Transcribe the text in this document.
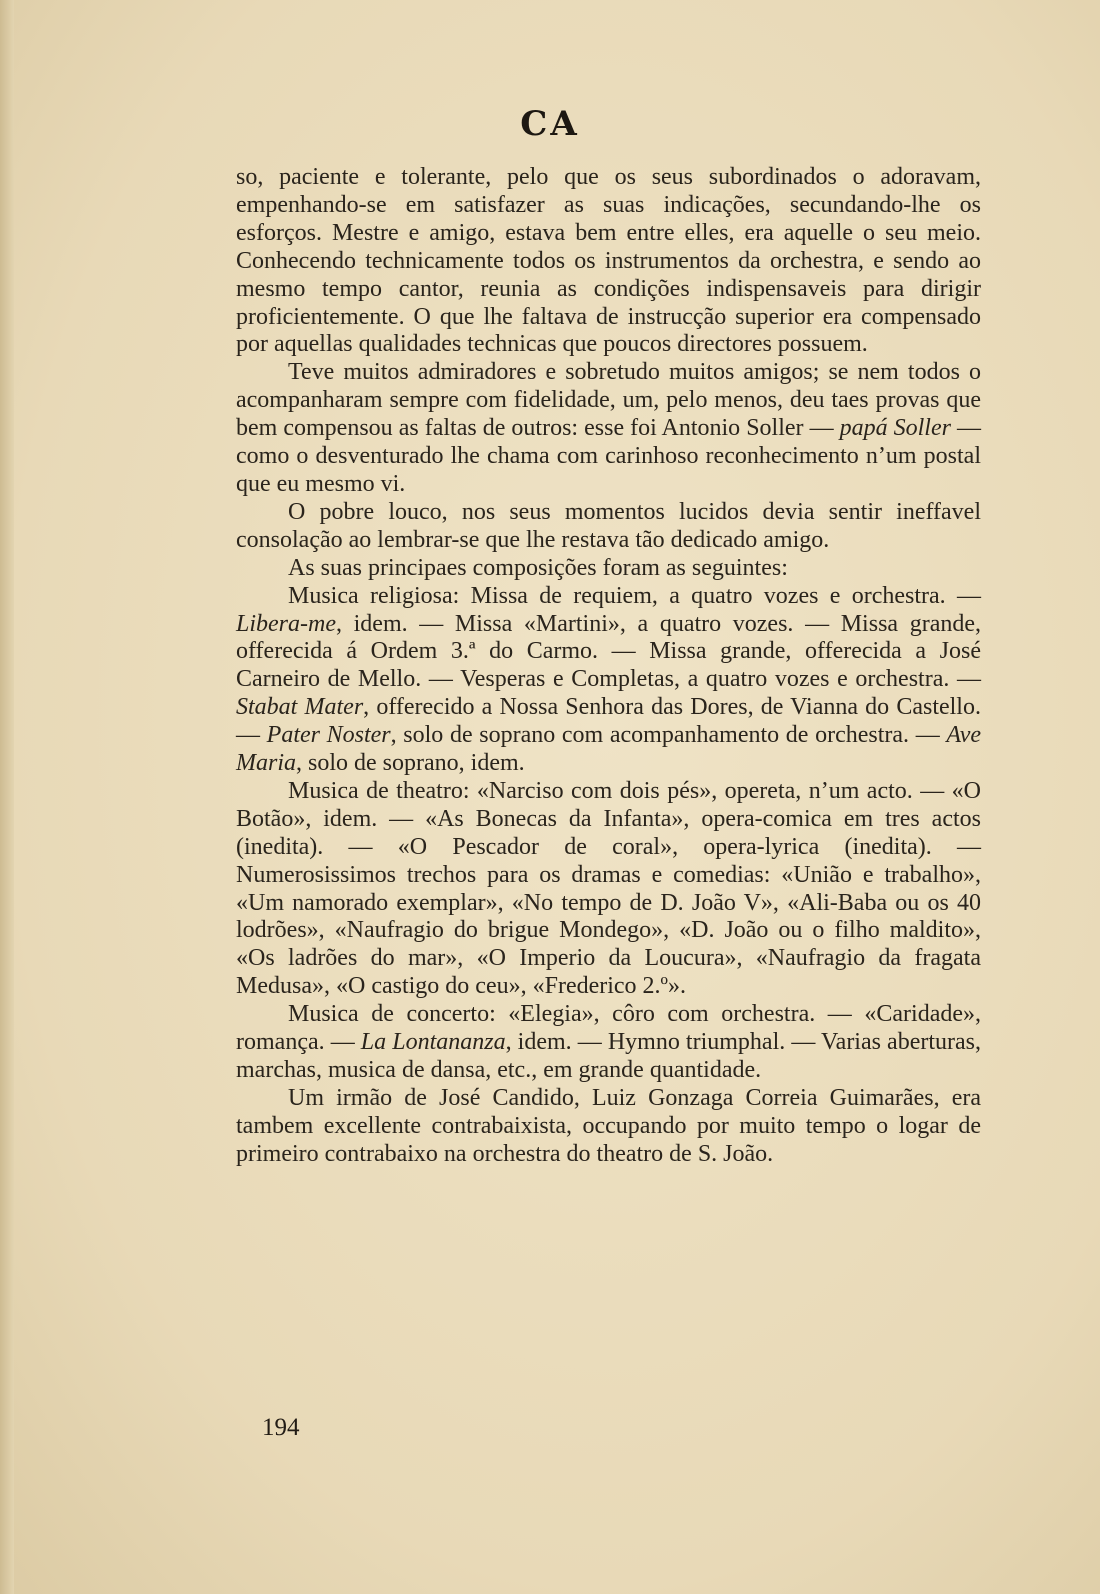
CA

so, paciente e tolerante, pelo que os seus subordinados o adoravam, empenhando-se em satisfazer as suas indicações, secundando-lhe os esforços. Mestre e amigo, estava bem entre elles, era aquelle o seu meio. Conhecendo technicamente todos os instrumentos da orchestra, e sendo ao mesmo tempo cantor, reunia as condições indispensaveis para dirigir proficientemente. O que lhe faltava de instrucção superior era compensado por aquellas qualidades technicas que poucos directores possuem.

Teve muitos admiradores e sobretudo muitos amigos; se nem todos o acompanharam sempre com fidelidade, um, pelo menos, deu taes provas que bem compensou as faltas de outros: esse foi Antonio Soller — papá Soller — como o desventurado lhe chama com carinhoso reconhecimento n’um postal que eu mesmo vi.

O pobre louco, nos seus momentos lucidos devia sentir ineffavel consolação ao lembrar-se que lhe restava tão dedicado amigo.

As suas principaes composições foram as seguintes:

Musica religiosa: Missa de requiem, a quatro vozes e orchestra. — Libera-me, idem. — Missa «Martini», a quatro vozes. — Missa grande, offerecida á Ordem 3.ª do Carmo. — Missa grande, offerecida a José Carneiro de Mello. — Vesperas e Completas, a quatro vozes e orchestra. — Stabat Mater, offerecido a Nossa Senhora das Dores, de Vianna do Castello. — Pater Noster, solo de soprano com acompanhamento de orchestra. — Ave Maria, solo de soprano, idem.

Musica de theatro: «Narciso com dois pés», opereta, n’um acto. — «O Botão», idem. — «As Bonecas da Infanta», opera-comica em tres actos (inedita). — «O Pescador de coral», opera-lyrica (inedita). — Numerosissimos trechos para os dramas e comedias: «União e trabalho», «Um namorado exemplar», «No tempo de D. João V», «Ali-Baba ou os 40 lodrões», «Naufragio do brigue Mondego», «D. João ou o filho maldito», «Os ladrões do mar», «O Imperio da Loucura», «Naufragio da fragata Medusa», «O castigo do ceu», «Frederico 2.º».

Musica de concerto: «Elegia», côro com orchestra. — «Caridade», romança. — La Lontananza, idem. — Hymno triumphal. — Varias aberturas, marchas, musica de dansa, etc., em grande quantidade.

Um irmão de José Candido, Luiz Gonzaga Correia Guimarães, era tambem excellente contrabaixista, occupando por muito tempo o logar de primeiro contrabaixo na orchestra do theatro de S. João.

194
